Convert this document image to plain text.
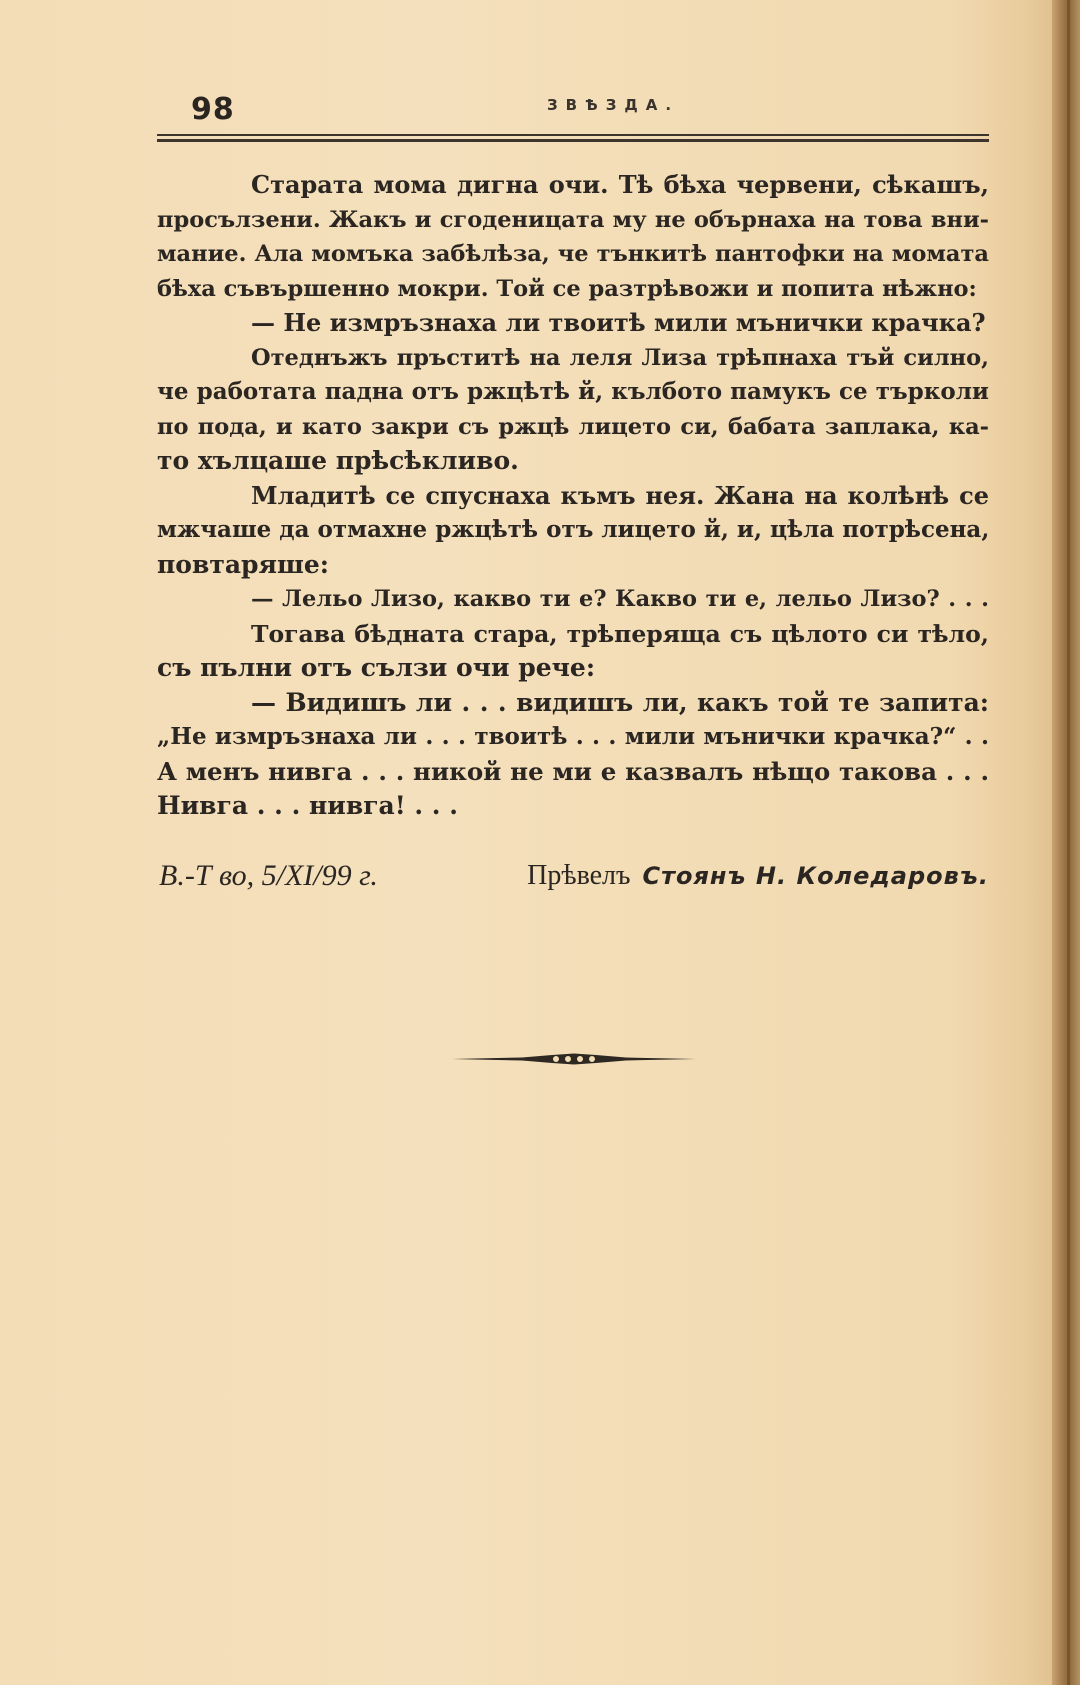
98	ЗВѢЗДА.
Старата мома дигна очи. Тѣ бѣха червени, сѣкашъ,
просълзени. Жакъ и сгоденицата му не обърнаха на това вни-
мание. Ала момъка забѣлѣза, че тънкитѣ пантофки на момата
бѣха съвършенно мокри. Той се разтрѣвожи и попита нѣжно:
— Не измръзнаха ли твоитѣ мили мънички крачка?
Отеднъжъ пръститѣ на леля Лиза трѣпнаха тъй силно,
че работата падна отъ ржцѣтѣ й, кълбото памукъ се търколи
по пода, и като закри съ ржцѣ лицето си, бабата заплака, ка-
то хълцаше прѣсѣкливо.
Младитѣ се спуснаха къмъ нея. Жана на колѣнѣ се
мжчаше да отмахне ржцѣтѣ отъ лицето й, и, цѣла потрѣсена,
повтаряше:
— Лельо Лизо, какво ти е? Какво ти е, лельо Лизо? . . .
Тогава бѣдната стара, трѣперяща съ цѣлото си тѣло,
съ пълни отъ сълзи очи рече:
— Видишъ ли . . . видишъ ли, какъ той те запита:
„Не измръзнаха ли . . . твоитѣ . . . мили мънички крачка?“ . .
А менъ нивга . . . никой не ми е казвалъ нѣщо такова . . .
Нивга . . . нивга! . . .
В.-Т во, 5/XI/99 г.	Прѣвелъ Стоянъ Н. Коледаровъ.
